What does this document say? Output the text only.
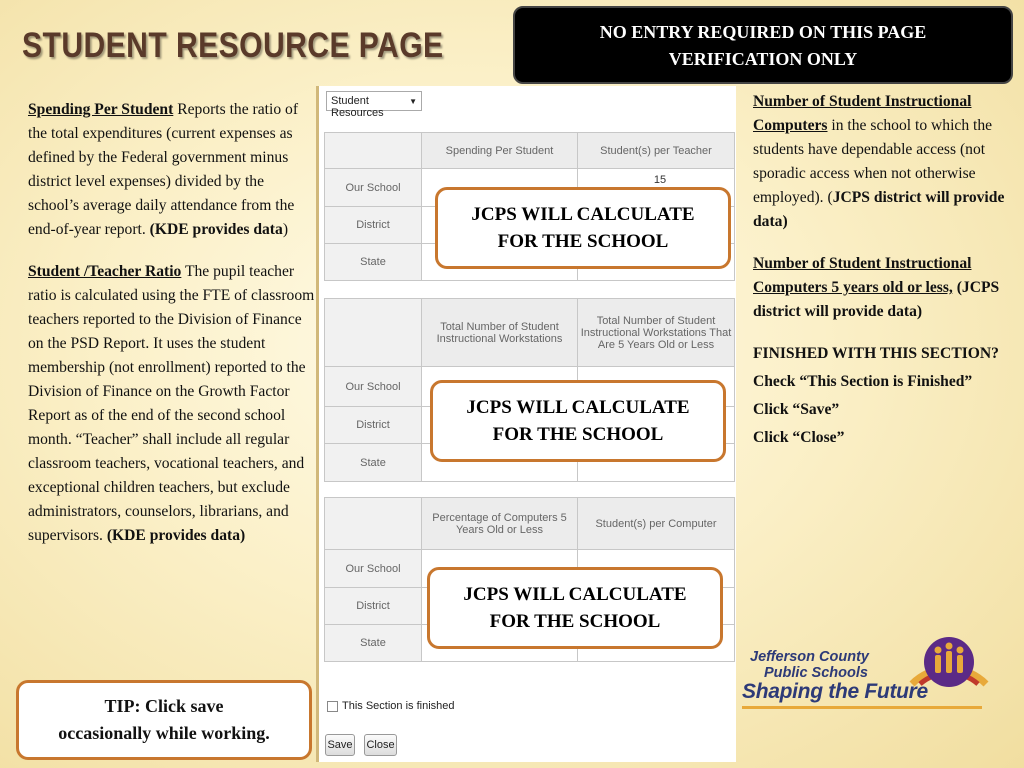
STUDENT RESOURCE PAGE	NO ENTRY REQUIRED ON THIS PAGE
VERIFICATION ONLY

Spending Per Student Reports the ratio of the total expenditures (current expenses as defined by the Federal government minus district level expenses) divided by the school’s average daily attendance from the end-of-year report. (KDE provides data)

Student /Teacher Ratio The pupil teacher ratio is calculated using the FTE of classroom teachers reported to the Division of Finance on the PSD Report. It uses the student membership (not enrollment) reported to the Division of Finance on the Growth Factor Report as of the end of the second school month. “Teacher” shall include all regular classroom teachers, vocational teachers, and exceptional children teachers, but exclude administrators, counselors, librarians, and supervisors. (KDE provides data)

TIP: Click save
occasionally while working.
Student Resources
▼
	Spending Per Student	Student(s) per Teacher
Our School		15
District		
State		
	Total Number of Student Instructional Workstations	Total Number of Student Instructional Workstations That Are 5 Years Old or Less
Our School		
District		
State		
	Percentage of Computers 5 Years Old or Less	Student(s) per Computer
Our School		
District		
State		
This Section is finished
Save Close
JCPS WILL CALCULATE
FOR THE SCHOOL
JCPS WILL CALCULATE
FOR THE SCHOOL
JCPS WILL CALCULATE
FOR THE SCHOOL

Number of Student Instructional Computers in the school to which the students have dependable access (not sporadic access when not otherwise employed). (JCPS district will provide data)

Number of Student Instructional Computers 5 years old or less, (JCPS district will provide data)

FINISHED WITH THIS SECTION?

Check “This Section is Finished”

Click “Save”

Click “Close”

Jefferson County
Public Schools
Shaping the Future
